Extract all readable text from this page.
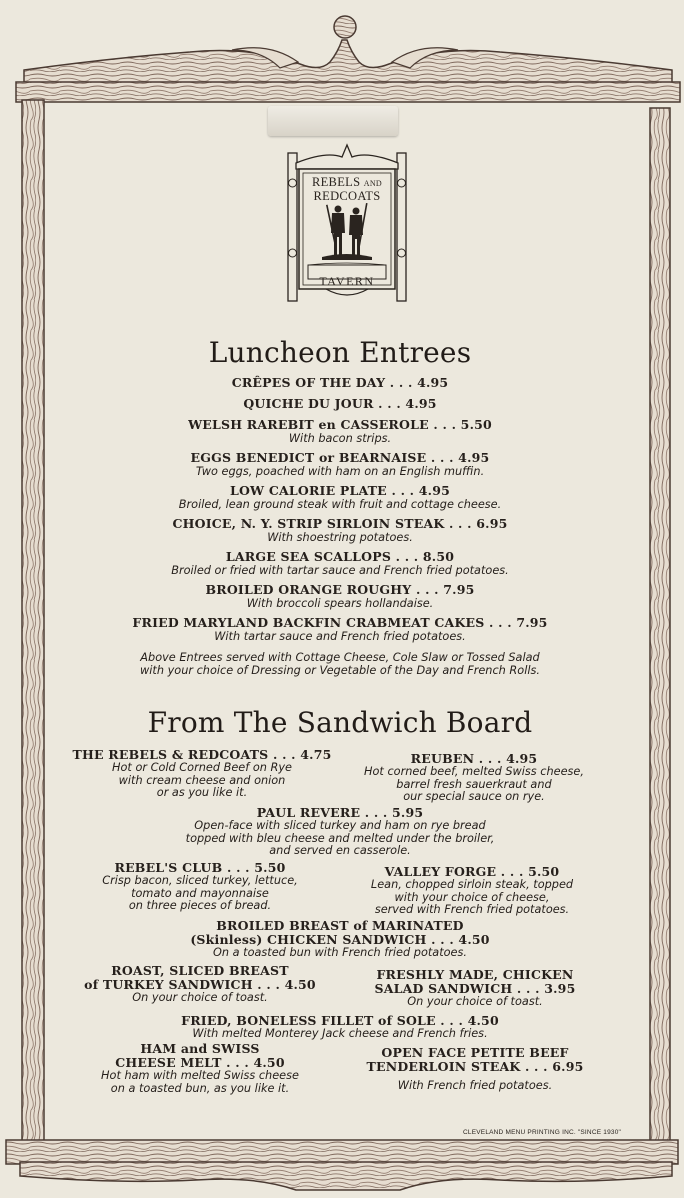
REBELS AND
REDCOATS
TAVERN
Luncheon Entrees
CRÊPES OF THE DAY . . . 4.95
QUICHE DU JOUR . . . 4.95
WELSH RAREBIT en CASSEROLE . . . 5.50
With bacon strips.
EGGS BENEDICT or BEARNAISE . . . 4.95
Two eggs, poached with ham on an English muffin.
LOW CALORIE PLATE . . . 4.95
Broiled, lean ground steak with fruit and cottage cheese.
CHOICE, N. Y. STRIP SIRLOIN STEAK . . . 6.95
With shoestring potatoes.
LARGE SEA SCALLOPS . . . 8.50
Broiled or fried with tartar sauce and French fried potatoes.
BROILED ORANGE ROUGHY . . . 7.95
With broccoli spears hollandaise.
FRIED MARYLAND BACKFIN CRABMEAT CAKES . . . 7.95
With tartar sauce and French fried potatoes.
Above Entrees served with Cottage Cheese, Cole Slaw or Tossed Salad
with your choice of Dressing or Vegetable of the Day and French Rolls.
From The Sandwich Board
THE REBELS & REDCOATS . . . 4.75
Hot or Cold Corned Beef on Rye
with cream cheese and onion
or as you like it.
REUBEN . . . 4.95
Hot corned beef, melted Swiss cheese,
barrel fresh sauerkraut and
our special sauce on rye.
PAUL REVERE . . . 5.95
Open-face with sliced turkey and ham on rye bread
topped with bleu cheese and melted under the broiler,
and served en casserole.
REBEL'S CLUB . . . 5.50
Crisp bacon, sliced turkey, lettuce,
tomato and mayonnaise
on three pieces of bread.
VALLEY FORGE . . . 5.50
Lean, chopped sirloin steak, topped
with your choice of cheese,
served with French fried potatoes.
BROILED BREAST of MARINATED
(Skinless) CHICKEN SANDWICH . . . 4.50
On a toasted bun with French fried potatoes.
ROAST, SLICED BREAST
of TURKEY SANDWICH . . . 4.50
On your choice of toast.
FRESHLY MADE, CHICKEN
SALAD SANDWICH . . . 3.95
On your choice of toast.
FRIED, BONELESS FILLET of SOLE . . . 4.50
With melted Monterey Jack cheese and French fries.
HAM and SWISS
CHEESE MELT . . . 4.50
Hot ham with melted Swiss cheese
on a toasted bun, as you like it.
OPEN FACE PETITE BEEF
TENDERLOIN STEAK . . . 6.95
With French fried potatoes.
CLEVELAND MENU PRINTING INC. "SINCE 1930"
